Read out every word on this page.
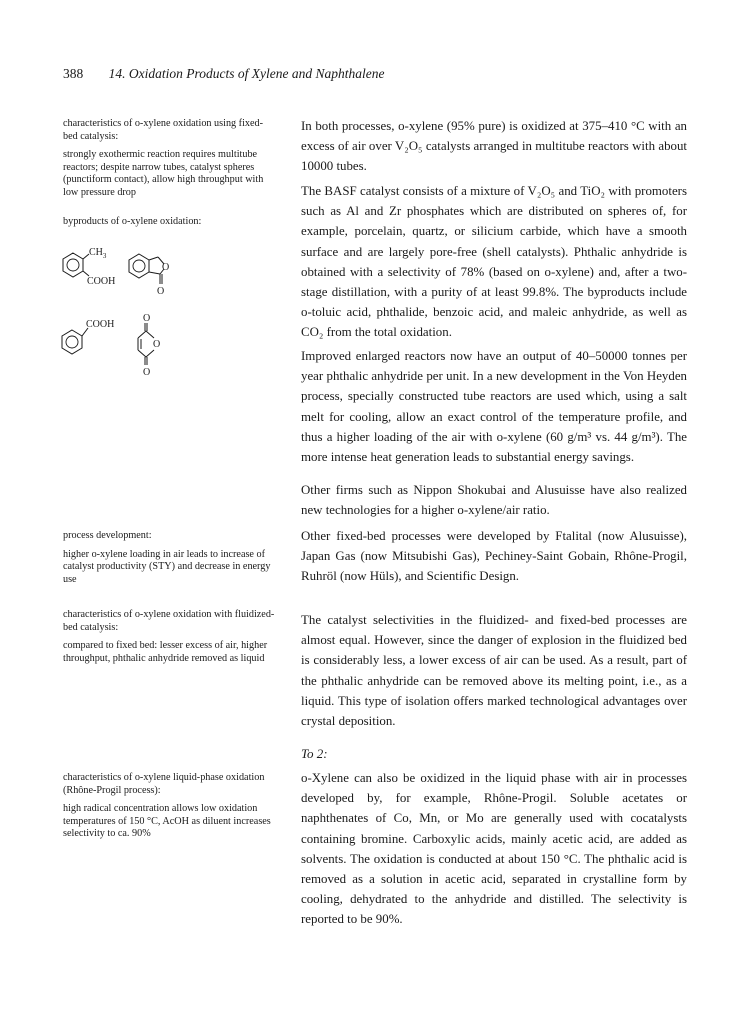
388 14. Oxidation Products of Xylene and Naphthalene

characteristics of o-xylene oxidation using fixed-bed catalysis:

strongly exothermic reaction requires multitube reactors; despite narrow tubes, catalyst spheres (punctiform contact), allow high throughput with low pressure drop

byproducts of o-xylene oxidation:

$CH_3$
COOH
O
O
COOH
O
O
O

process development:

higher o-xylene loading in air leads to increase of catalyst productivity (STY) and decrease in energy use

characteristics of o-xylene oxidation with fluidized-bed catalysis:

compared to fixed bed: lesser excess of air, higher throughput, phthalic anhydride removed as liquid

characteristics of o-xylene liquid-phase oxidation (Rhône-Progil process):

high radical concentration allows low oxidation temperatures of 150 °C, AcOH as diluent increases selectivity to ca. 90%

In both processes, o-xylene (95% pure) is oxidized at 375–410 °C with an excess of air over V₂O₅ catalysts arranged in multitube reactors with about 10000 tubes.

The BASF catalyst consists of a mixture of V₂O₅ and TiO₂ with promoters such as Al and Zr phosphates which are distributed on spheres of, for example, porcelain, quartz, or silicium carbide, which have a smooth surface and are largely pore-free (shell catalysts). Phthalic anhydride is obtained with a selectivity of 78% (based on o-xylene) and, after a two-stage distillation, with a purity of at least 99.8%. The byproducts include o-toluic acid, phthalide, benzoic acid, and maleic anhydride, as well as CO₂ from the total oxidation.

Improved enlarged reactors now have an output of 40–50000 tonnes per year phthalic anhydride per unit. In a new development in the Von Heyden process, specially constructed tube reactors are used which, using a salt melt for cooling, allow an exact control of the temperature profile, and thus a higher loading of the air with o-xylene (60 g/m³ vs. 44 g/m³). The more intense heat generation leads to substantial energy savings.

Other firms such as Nippon Shokubai and Alusuisse have also realized new technologies for a higher o-xylene/air ratio.

Other fixed-bed processes were developed by Ftalital (now Alusuisse), Japan Gas (now Mitsubishi Gas), Pechiney-Saint Gobain, Rhône-Progil, Ruhröl (now Hüls), and Scientific Design.

The catalyst selectivities in the fluidized- and fixed-bed processes are almost equal. However, since the danger of explosion in the fluidized bed is considerably less, a lower excess of air can be used. As a result, part of the phthalic anhydride can be removed above its melting point, i.e., as a liquid. This type of isolation offers marked technological advantages over crystal deposition.

To 2:

o-Xylene can also be oxidized in the liquid phase with air in processes developed by, for example, Rhône-Progil. Soluble acetates or naphthenates of Co, Mn, or Mo are generally used with cocatalysts containing bromine. Carboxylic acids, mainly acetic acid, are added as solvents. The oxidation is conducted at about 150 °C. The phthalic acid is removed as a solution in acetic acid, separated in crystalline form by cooling, dehydrated to the anhydride and distilled. The selectivity is reported to be 90%.
